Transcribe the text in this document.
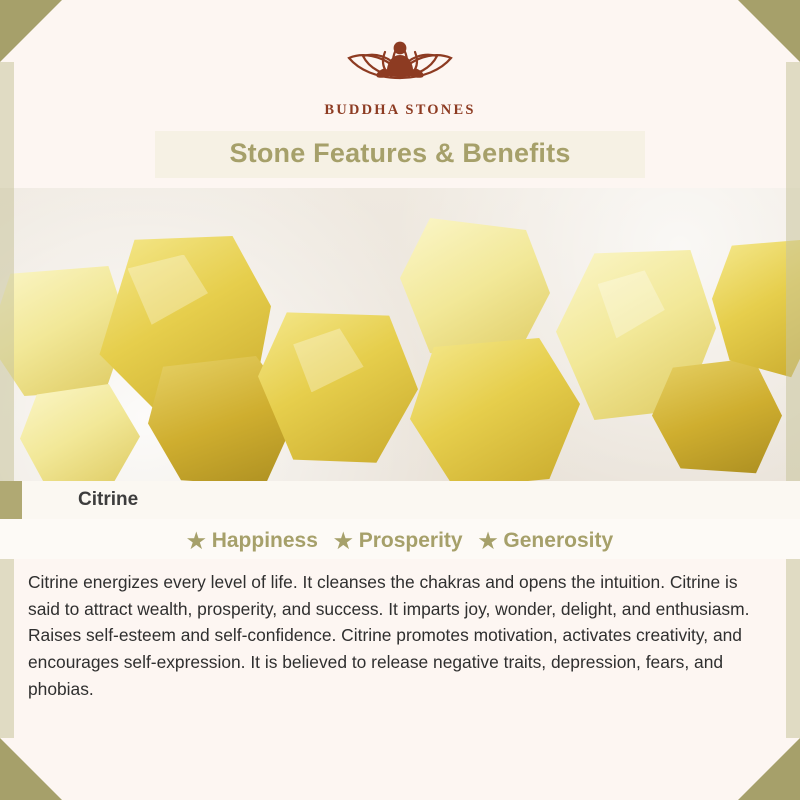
BUDDHA STONES
Stone Features & Benefits
Citrine
★ Happiness ★ Prosperity ★ Generosity
Citrine energizes every level of life. It cleanses the chakras and opens the intuition. Citrine is said to attract wealth, prosperity, and success. It imparts joy, wonder, delight, and enthusiasm. Raises self-esteem and self-confidence. Citrine promotes motivation, activates creativity, and encourages self-expression. It is believed to release negative traits, depression, fears, and phobias.
